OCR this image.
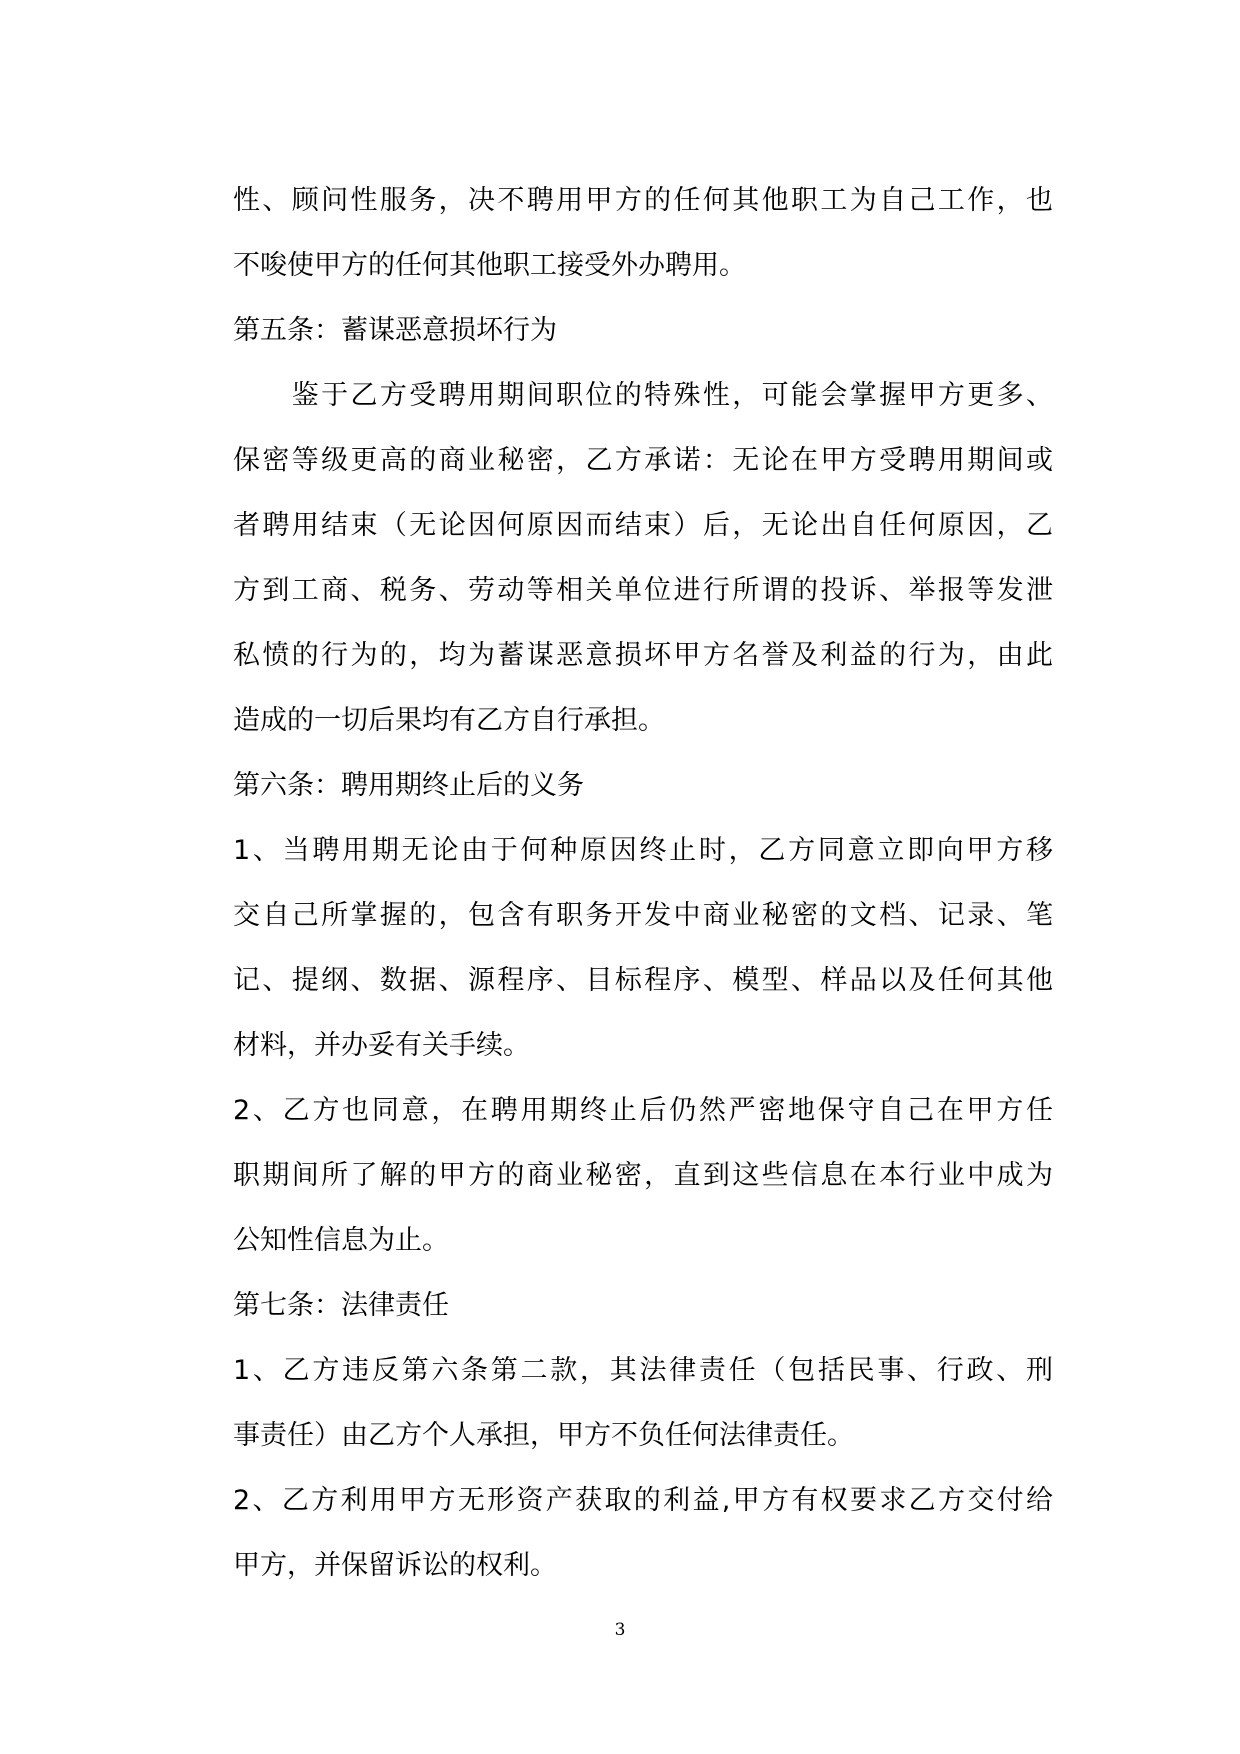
性、顾问性服务，决不聘用甲方的任何其他职工为自己工作，也
不唆使甲方的任何其他职工接受外办聘用。
第五条：蓄谋恶意损坏行为
　　鉴于乙方受聘用期间职位的特殊性，可能会掌握甲方更多、
保密等级更高的商业秘密，乙方承诺：无论在甲方受聘用期间或
者聘用结束（无论因何原因而结束）后，无论出自任何原因，乙
方到工商、税务、劳动等相关单位进行所谓的投诉、举报等发泄
私愤的行为的，均为蓄谋恶意损坏甲方名誉及利益的行为，由此
造成的一切后果均有乙方自行承担。
第六条：聘用期终止后的义务
1、当聘用期无论由于何种原因终止时，乙方同意立即向甲方移
交自己所掌握的，包含有职务开发中商业秘密的文档、记录、笔
记、提纲、数据、源程序、目标程序、模型、样品以及任何其他
材料，并办妥有关手续。
2、乙方也同意，在聘用期终止后仍然严密地保守自己在甲方任
职期间所了解的甲方的商业秘密，直到这些信息在本行业中成为
公知性信息为止。
第七条：法律责任
1、乙方违反第六条第二款，其法律责任（包括民事、行政、刑
事责任）由乙方个人承担，甲方不负任何法律责任。
2、乙方利用甲方无形资产获取的利益,甲方有权要求乙方交付给
甲方，并保留诉讼的权利。
3
